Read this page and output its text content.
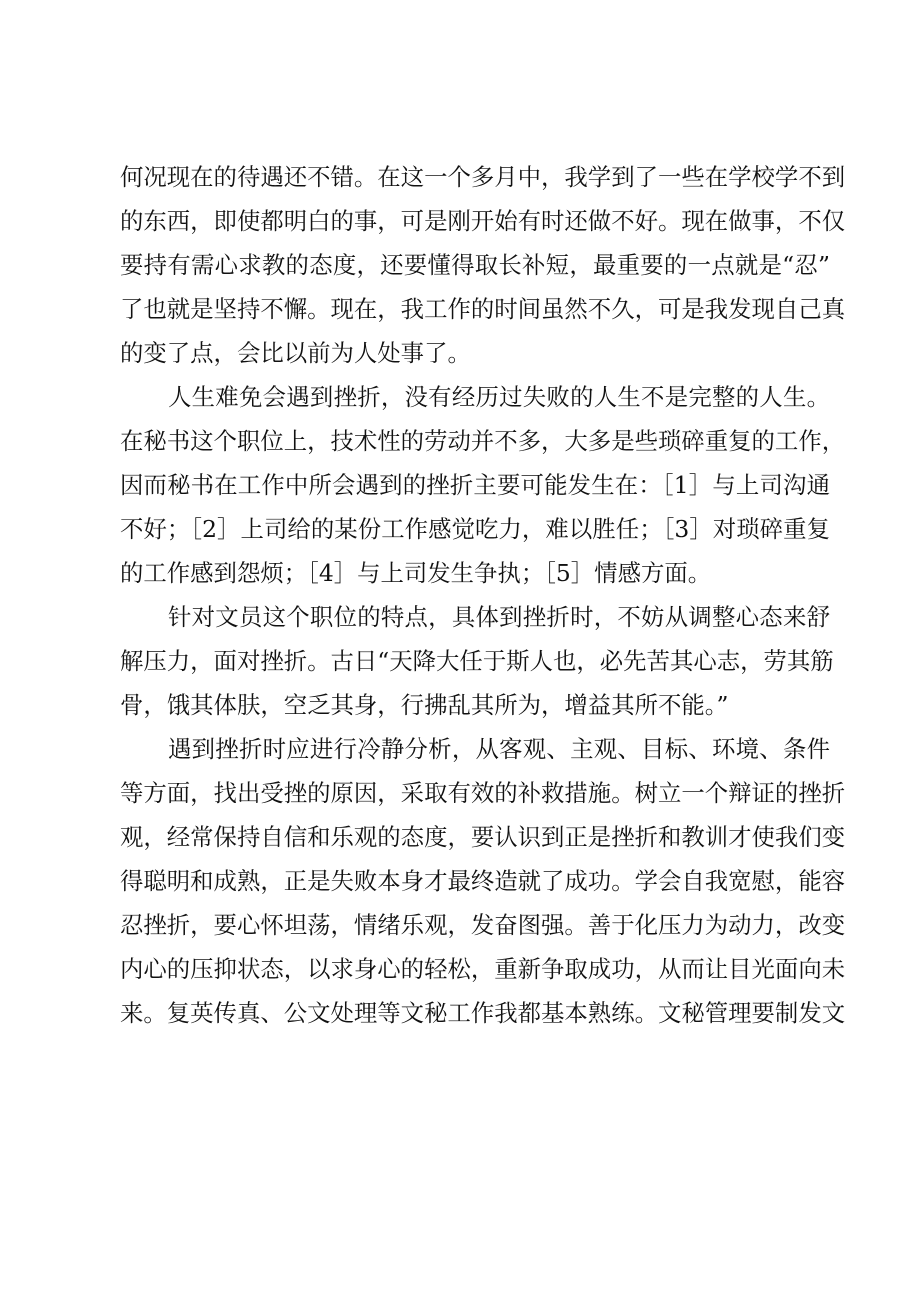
何况现在的待遇还不错。在这一个多月中，我学到了一些在学校学不到
的东西，即使都明白的事，可是刚开始有时还做不好。现在做事，不仅
要持有需心求教的态度，还要懂得取长补短，最重要的一点就是“忍”
了也就是坚持不懈。现在，我工作的时间虽然不久，可是我发现自己真
的变了点，会比以前为人处事了。
人生难免会遇到挫折，没有经历过失败的人生不是完整的人生。
在秘书这个职位上，技术性的劳动并不多，大多是些琐碎重复的工作，
因而秘书在工作中所会遇到的挫折主要可能发生在：［1］与上司沟通
不好；［2］上司给的某份工作感觉吃力，难以胜任；［3］对琐碎重复
的工作感到怨烦；［4］与上司发生争执；［5］情感方面。
针对文员这个职位的特点，具体到挫折时，不妨从调整心态来舒
解压力，面对挫折。古日“天降大任于斯人也，必先苦其心志，劳其筋
骨，饿其体肤，空乏其身，行拂乱其所为，增益其所不能。”
遇到挫折时应进行冷静分析，从客观、主观、目标、环境、条件
等方面，找出受挫的原因，采取有效的补救措施。树立一个辩证的挫折
观，经常保持自信和乐观的态度，要认识到正是挫折和教训才使我们变
得聪明和成熟，正是失败本身才最终造就了成功。学会自我宽慰，能容
忍挫折，要心怀坦荡，情绪乐观，发奋图强。善于化压力为动力，改变
内心的压抑状态，以求身心的轻松，重新争取成功，从而让目光面向未
来。复英传真、公文处理等文秘工作我都基本熟练。文秘管理要制发文
